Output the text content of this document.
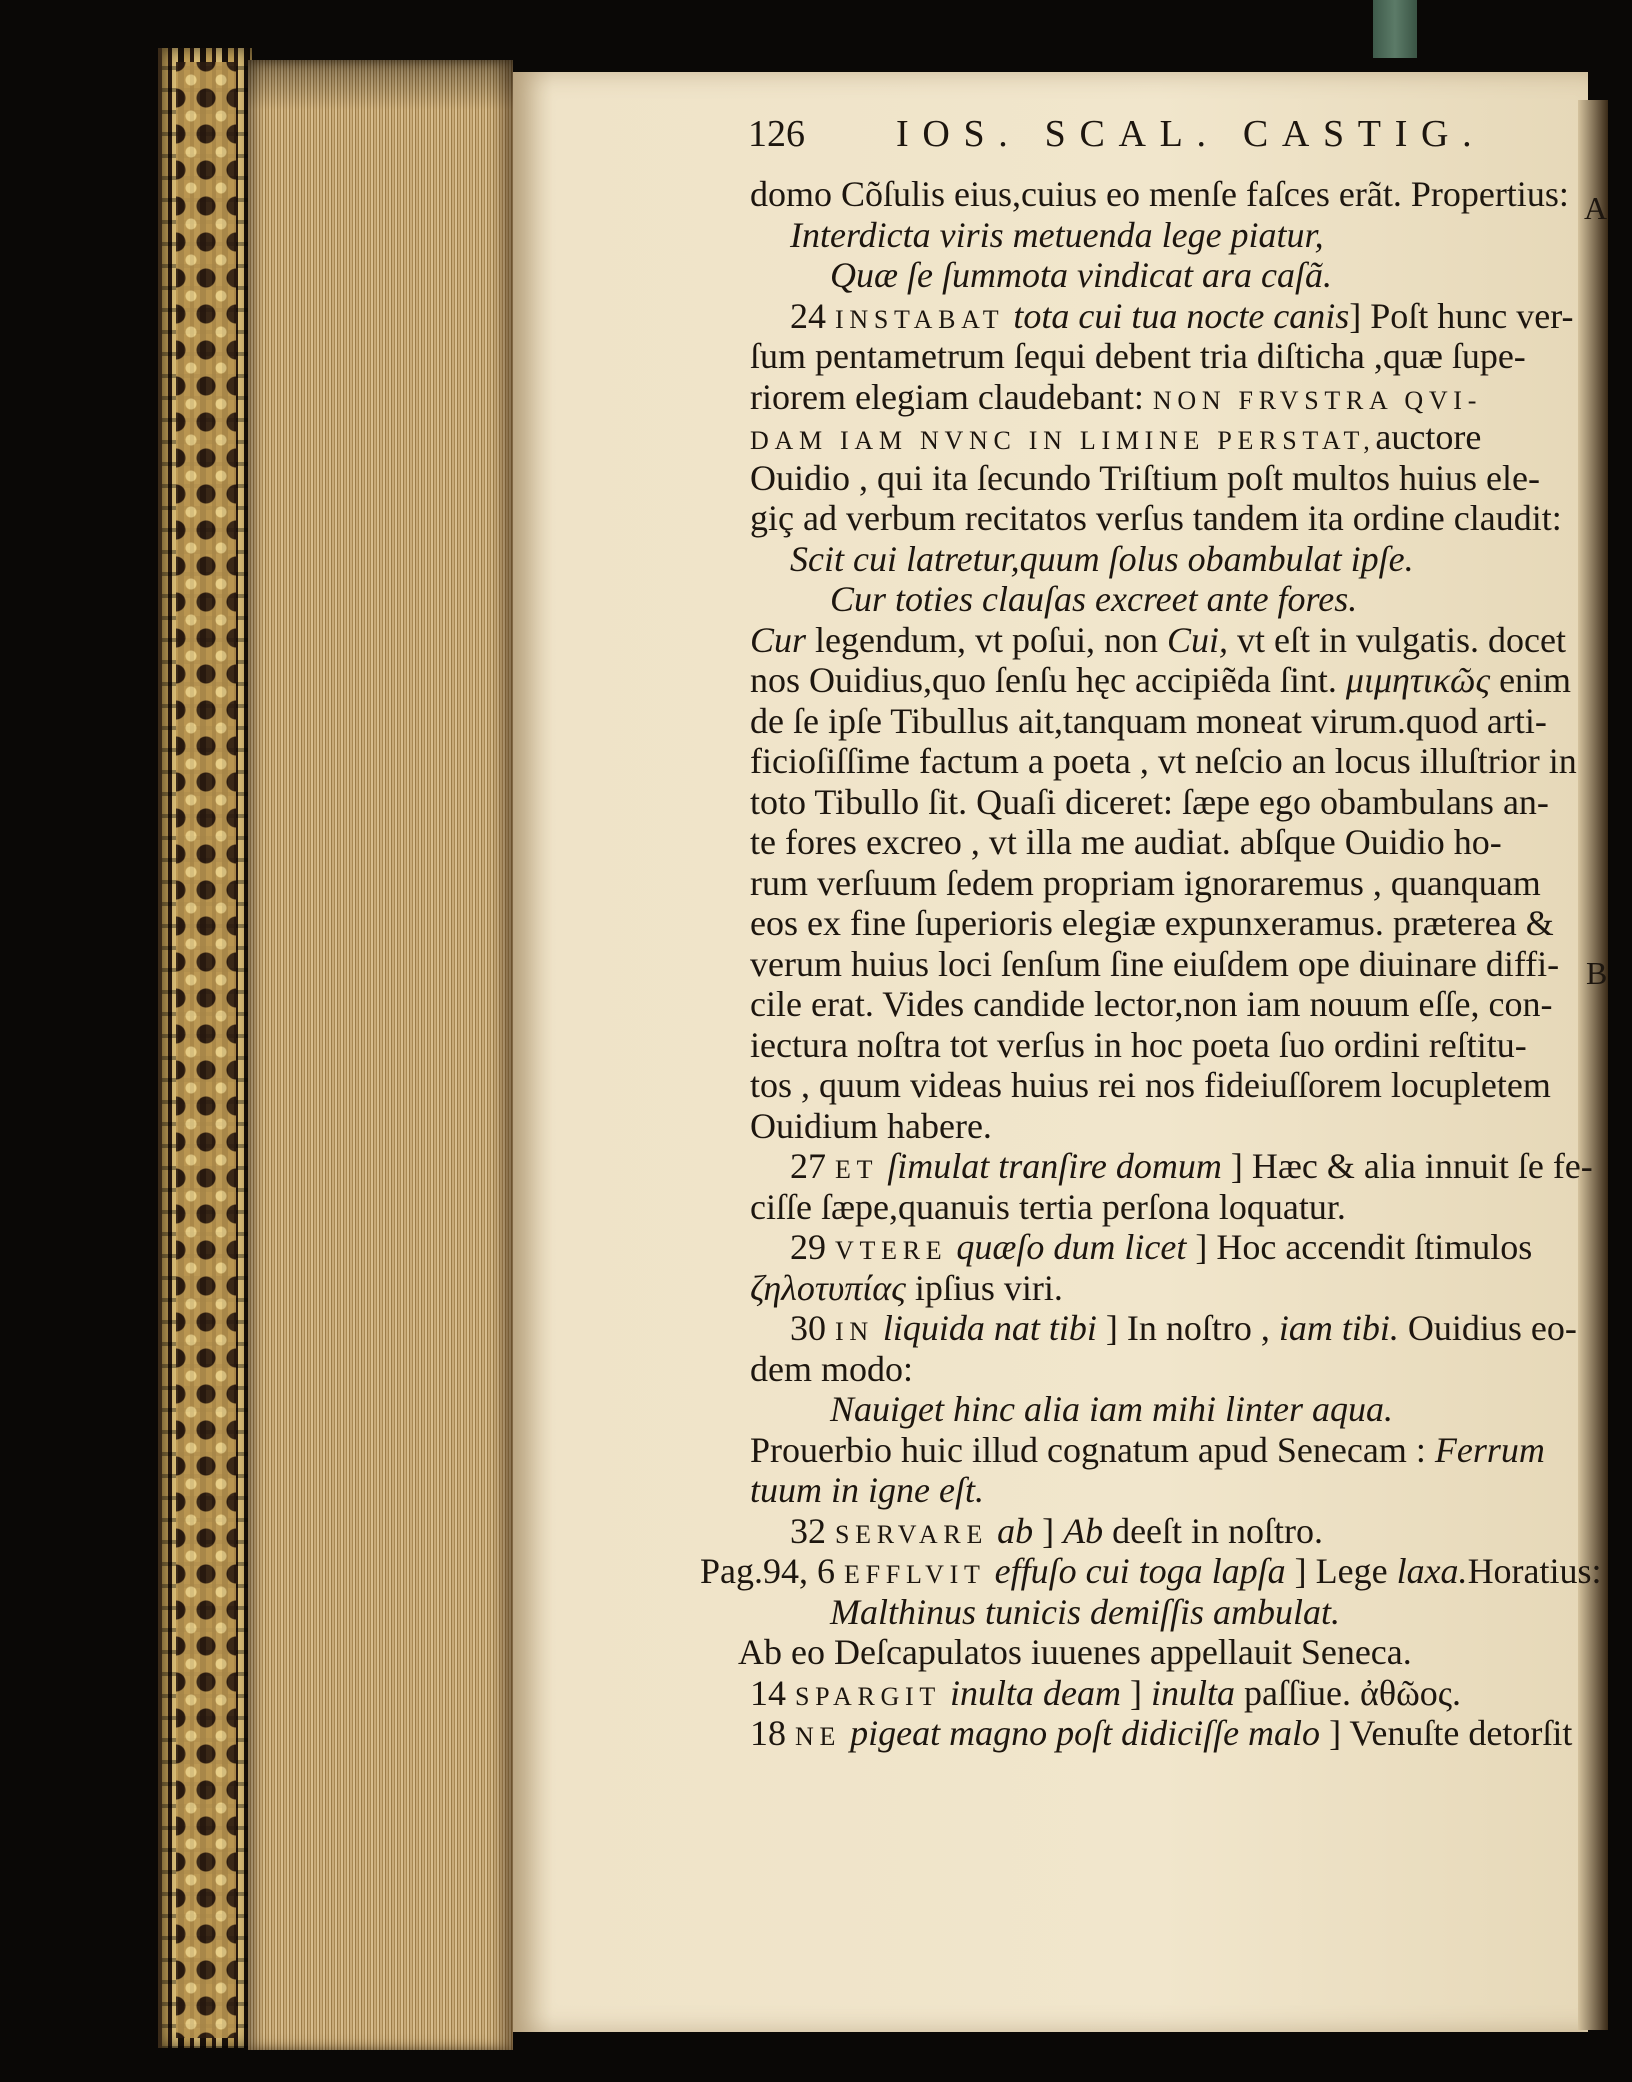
126 IOS. SCAL. CASTIG.
A
B
domo Cõſulis eius,cuius eo menſe faſces erãt. Propertius:
Interdicta viris metuenda lege piatur,
Quæ ſe ſummota vindicat ara caſã.
24 INSTABAT tota cui tua nocte canis] Poſt hunc ver-
ſum pentametrum ſequi debent tria diſticha ,quæ ſupe-
riorem elegiam claudebant: NON FRVSTRA QVI-
DAM IAM NVNC IN LIMINE PERSTAT,auctore
Ouidio , qui ita ſecundo Triſtium poſt multos huius ele-
giç ad verbum recitatos verſus tandem ita ordine claudit:
Scit cui latretur,quum ſolus obambulat ipſe.
Cur toties clauſas excreet ante fores.
Cur legendum, vt poſui, non Cui, vt eſt in vulgatis. docet
nos Ouidius,quo ſenſu hęc accipiẽda ſint. μιμητικῶς enim
de ſe ipſe Tibullus ait,tanquam moneat virum.quod arti-
ficioſiſſime factum a poeta , vt neſcio an locus illuſtrior in
toto Tibullo ſit. Quaſi diceret: ſæpe ego obambulans an-
te fores excreo , vt illa me audiat. abſque Ouidio ho-
rum verſuum ſedem propriam ignoraremus , quanquam
eos ex fine ſuperioris elegiæ expunxeramus. præterea &
verum huius loci ſenſum ſine eiuſdem ope diuinare diffi-
cile erat. Vides candide lector,non iam nouum eſſe, con-
iectura noſtra tot verſus in hoc poeta ſuo ordini reſtitu-
tos , quum videas huius rei nos fideiuſſorem locupletem
Ouidium habere.
27 ET ſimulat tranſire domum ] Hæc & alia innuit ſe fe-
ciſſe ſæpe,quanuis tertia perſona loquatur.
29 VTERE quæſo dum licet ] Hoc accendit ſtimulos
ζηλοτυπίας ipſius viri.
30 IN liquida nat tibi ] In noſtro , iam tibi. Ouidius eo-
dem modo:
Nauiget hinc alia iam mihi linter aqua.
Prouerbio huic illud cognatum apud Senecam : Ferrum
tuum in igne eſt.
32 SERVARE ab ] Ab deeſt in noſtro.
Pag.94, 6 EFFLVIT effuſo cui toga lapſa ] Lege laxa.Horatius:
Malthinus tunicis demiſſis ambulat.
Ab eo Deſcapulatos iuuenes appellauit Seneca.
14 SPARGIT inulta deam ] inulta paſſiue. ἀθῶος.
18 NE pigeat magno poſt didiciſſe malo ] Venuſte detorſit
